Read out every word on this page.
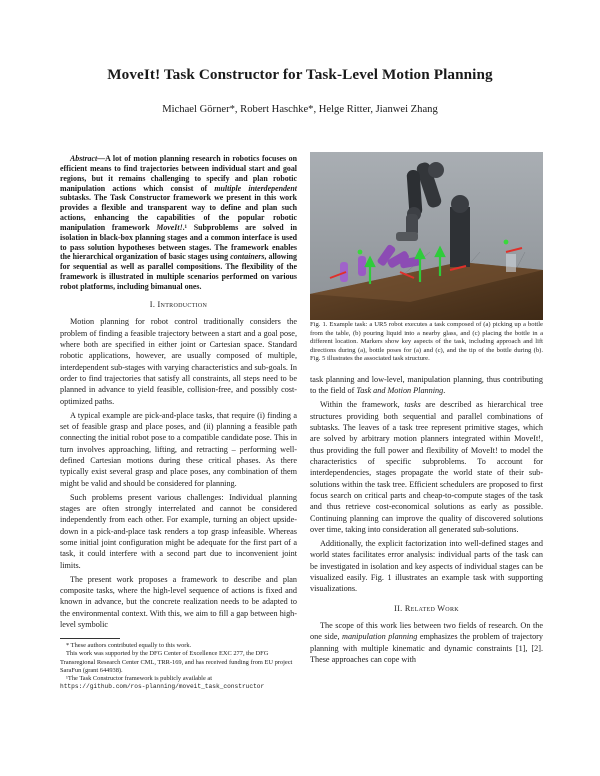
MoveIt! Task Constructor for Task-Level Motion Planning
Michael Görner*, Robert Haschke*, Helge Ritter, Jianwei Zhang
Abstract—A lot of motion planning research in robotics focuses on efficient means to find trajectories between individual start and goal regions, but it remains challenging to specify and plan robotic manipulation actions which consist of multiple interdependent subtasks. The Task Constructor framework we present in this work provides a flexible and transparent way to define and plan such actions, enhancing the capabilities of the popular robotic manipulation framework MoveIt!.¹ Subproblems are solved in isolation in black-box planning stages and a common interface is used to pass solution hypotheses between stages. The framework enables the hierarchical organization of basic stages using containers, allowing for sequential as well as parallel compositions. The flexibility of the framework is illustrated in multiple scenarios performed on various robot platforms, including bimanual ones.
I. Introduction

Motion planning for robot control traditionally considers the problem of finding a feasible trajectory between a start and a goal pose, where both are specified in either joint or Cartesian space. Standard robotic applications, however, are usually composed of multiple, interdependent sub-stages with varying characteristics and sub-goals. In order to find trajectories that satisfy all constraints, all steps need to be planned in advance to yield feasible, collision-free, and possibly cost-optimized paths.

A typical example are pick-and-place tasks, that require (i) finding a set of feasible grasp and place poses, and (ii) planning a feasible path connecting the initial robot pose to a compatible candidate pose. This in turn involves approaching, lifting, and retracting – performing well-defined Cartesian motions during these critical phases. As there typically exist several grasp and place poses, any combination of them might be valid and should be considered for planning.

Such problems present various challenges: Individual planning stages are often strongly interrelated and cannot be considered independently from each other. For example, turning an object upside-down in a pick-and-place task renders a top grasp infeasible. Whereas some initial joint configuration might be adequate for the first part of a task, it could interfere with a second part due to inconvenient joint limits.

The present work proposes a framework to describe and plan composite tasks, where the high-level sequence of actions is fixed and known in advance, but the concrete realization needs to be adapted to the environmental context. With this, we aim to fill a gap between high-level symbolic

* These authors contributed equally to this work.
This work was supported by the DFG Center of Excellence EXC 277, the DFG Transregional Research Center CML, TRR-169, and has received funding from EU project SaraFun (grant 644938).
¹The Task Constructor framework is publicly available at
https://github.com/ros-planning/moveit_task_constructor
Fig. 1. Example task: a UR5 robot executes a task composed of (a) picking up a bottle from the table, (b) pouring liquid into a nearby glass, and (c) placing the bottle in a different location. Markers show key aspects of the task, including approach and lift directions during (a), bottle poses for (a) and (c), and the tip of the bottle during (b). Fig. 5 illustrates the associated task structure.
task planning and low-level, manipulation planning, thus contributing to the field of Task and Motion Planning.

Within the framework, tasks are described as hierarchical tree structures providing both sequential and parallel combinations of subtasks. The leaves of a task tree represent primitive stages, which are solved by arbitrary motion planners integrated within MoveIt!, thus providing the full power and flexibility of MoveIt! to model the characteristics of specific subproblems. To account for interdependencies, stages propagate the world state of their sub-solutions within the task tree. Efficient schedulers are proposed to first focus search on critical parts and cheap-to-compute stages of the task and thus retrieve cost-economical solutions as early as possible. Continuing planning can improve the quality of discovered solutions over time, taking into consideration all generated sub-solutions.

Additionally, the explicit factorization into well-defined stages and world states facilitates error analysis: individual parts of the task can be investigated in isolation and key aspects of individual stages can be visualized easily. Fig. 1 illustrates an example task with supporting visualizations.

II. Related Work

The scope of this work lies between two fields of research. On the one side, manipulation planning emphasizes the problem of trajectory planning with multiple kinematic and dynamic constraints [1], [2]. These approaches can cope with
